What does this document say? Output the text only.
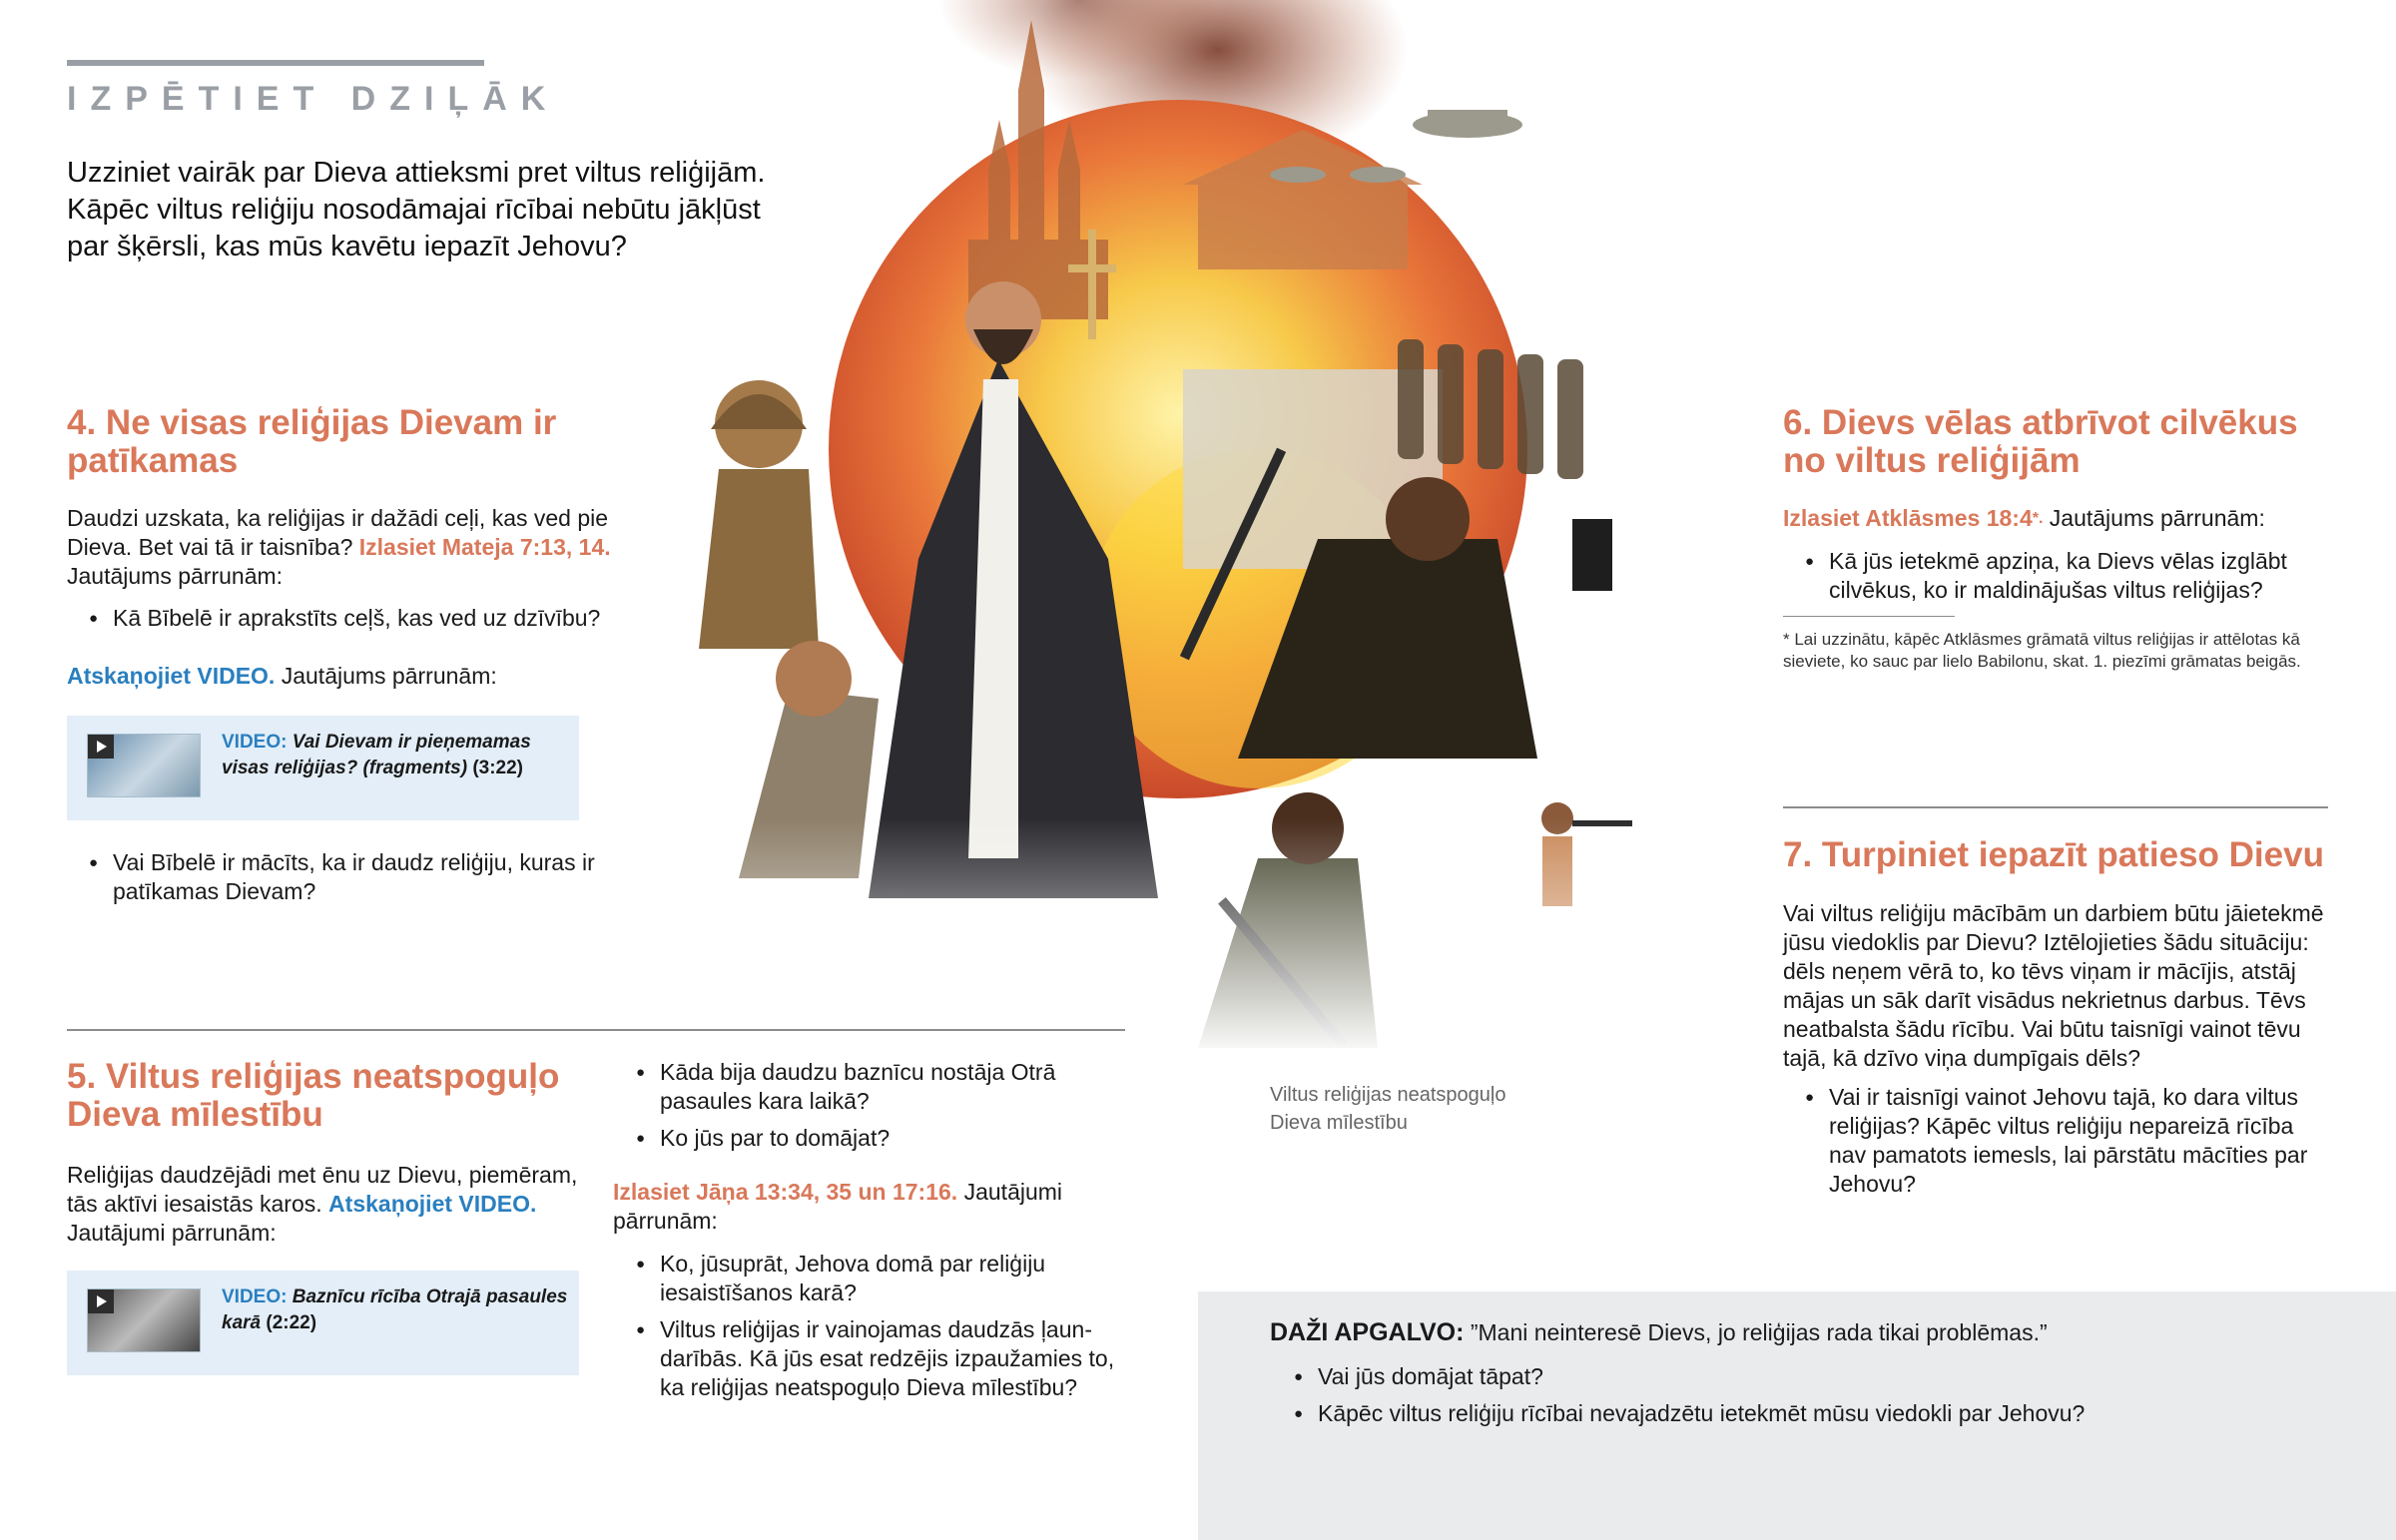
IZPĒTIET DZIĻĀK
Uzziniet vairāk par Dieva attieksmi pret viltus reliģijām. Kāpēc viltus reliģiju nosodāmajai rīcībai nebūtu jākļūst par šķērsli, kas mūs kavētu iepazīt Jehovu?
4. Ne visas reliģijas Dievam ir patīkamas

Daudzi uzskata, ka reliģijas ir dažādi ceļi, kas ved pie Dieva. Bet vai tā ir taisnība? Izlasiet Mateja 7:13, 14. Jautājums pārrunām:

● Kā Bībelē ir aprakstīts ceļš, kas ved uz dzīvību?

Atskaņojiet VIDEO. Jautājums pārrunām:

VIDEO: Vai Dievam ir pieņemamas visas reliģijas? (fragments) (3:22)
● Vai Bībelē ir mācīts, ka ir daudz reliģiju, kuras ir patīkamas Dievam?
5. Viltus reliģijas neatspoguļo Dieva mīlestību

Reliģijas daudzējādi met ēnu uz Dievu, piemēram, tās aktīvi iesaistās karos. Atskaņojiet VIDEO. Jautājumi pārrunām:

VIDEO: Baznīcu rīcība Otrajā pasaules karā (2:22)
● Kāda bija daudzu baznīcu nostāja Otrā pasaules kara laikā?
● Ko jūs par to domājat?

Izlasiet Jāņa 13:34, 35 un 17:16. Jautājumi pārrunām:

● Ko, jūsuprāt, Jehova domā par reliģiju iesaistīšanos karā?
● Viltus reliģijas ir vainojamas daudzās ļaundarībās. Kā jūs esat redzējis izpaužamies to, ka reliģijas neatspoguļo Dieva mīlestību?
Viltus reliģijas neatspoguļo
Dieva mīlestību
6. Dievs vēlas atbrīvot cilvēkus no viltus reliģijām

Izlasiet Atklāsmes 18:4*. Jautājums pārrunām:

● Kā jūs ietekmē apziņa, ka Dievs vēlas izglābt cilvēkus, ko ir maldinājušas viltus reliģijas?
* Lai uzzinātu, kāpēc Atklāsmes grāmatā viltus reliģijas ir attēlotas kā sieviete, ko sauc par lielo Babilonu, skat. 1. piezīmi grāmatas beigās.
7. Turpiniet iepazīt patieso Dievu

Vai viltus reliģiju mācībām un darbiem būtu jāietekmē jūsu viedoklis par Dievu? Iztēlojieties šādu situāciju: dēls neņem vērā to, ko tēvs viņam ir mācījis, atstāj mājas un sāk darīt visādus nekrietnus darbus. Tēvs neatbalsta šādu rīcību. Vai būtu taisnīgi vainot tēvu tajā, kā dzīvo viņa dumpīgais dēls?

● Vai ir taisnīgi vainot Jehovu tajā, ko dara viltus reliģijas? Kāpēc viltus reliģiju nepareizā rīcība nav pamatots iemesls, lai pārstātu mācīties par Jehovu?

DAŽI APGALVO: ”Mani neinteresē Dievs, jo reliģijas rada tikai problēmas.”

● Vai jūs domājat tāpat?
● Kāpēc viltus reliģiju rīcībai nevajadzētu ietekmēt mūsu viedokli par Jehovu?
